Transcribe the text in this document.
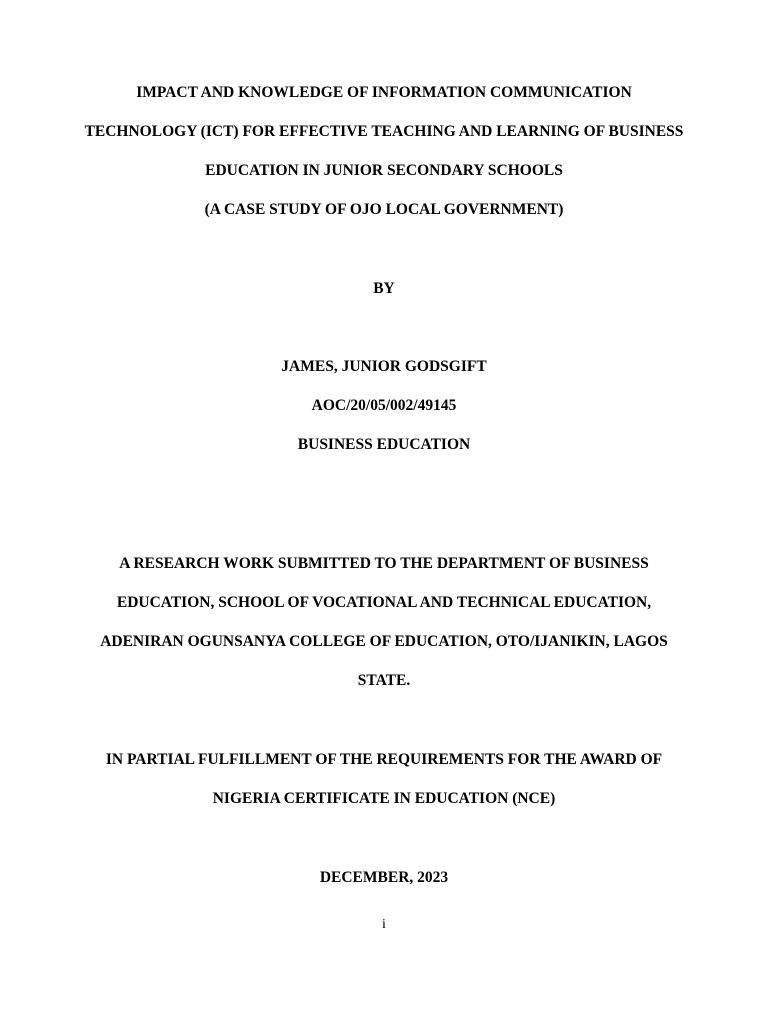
IMPACT AND KNOWLEDGE OF INFORMATION COMMUNICATION
TECHNOLOGY (ICT) FOR EFFECTIVE TEACHING AND LEARNING OF BUSINESS
EDUCATION IN JUNIOR SECONDARY SCHOOLS
(A CASE STUDY OF OJO LOCAL GOVERNMENT)
BY
JAMES, JUNIOR GODSGIFT
AOC/20/05/002/49145
BUSINESS EDUCATION
A RESEARCH WORK SUBMITTED TO THE DEPARTMENT OF BUSINESS
EDUCATION, SCHOOL OF VOCATIONAL AND TECHNICAL EDUCATION,
ADENIRAN OGUNSANYA COLLEGE OF EDUCATION, OTO/IJANIKIN, LAGOS
STATE.
IN PARTIAL FULFILLMENT OF THE REQUIREMENTS FOR THE AWARD OF
NIGERIA CERTIFICATE IN EDUCATION (NCE)
DECEMBER, 2023
i
